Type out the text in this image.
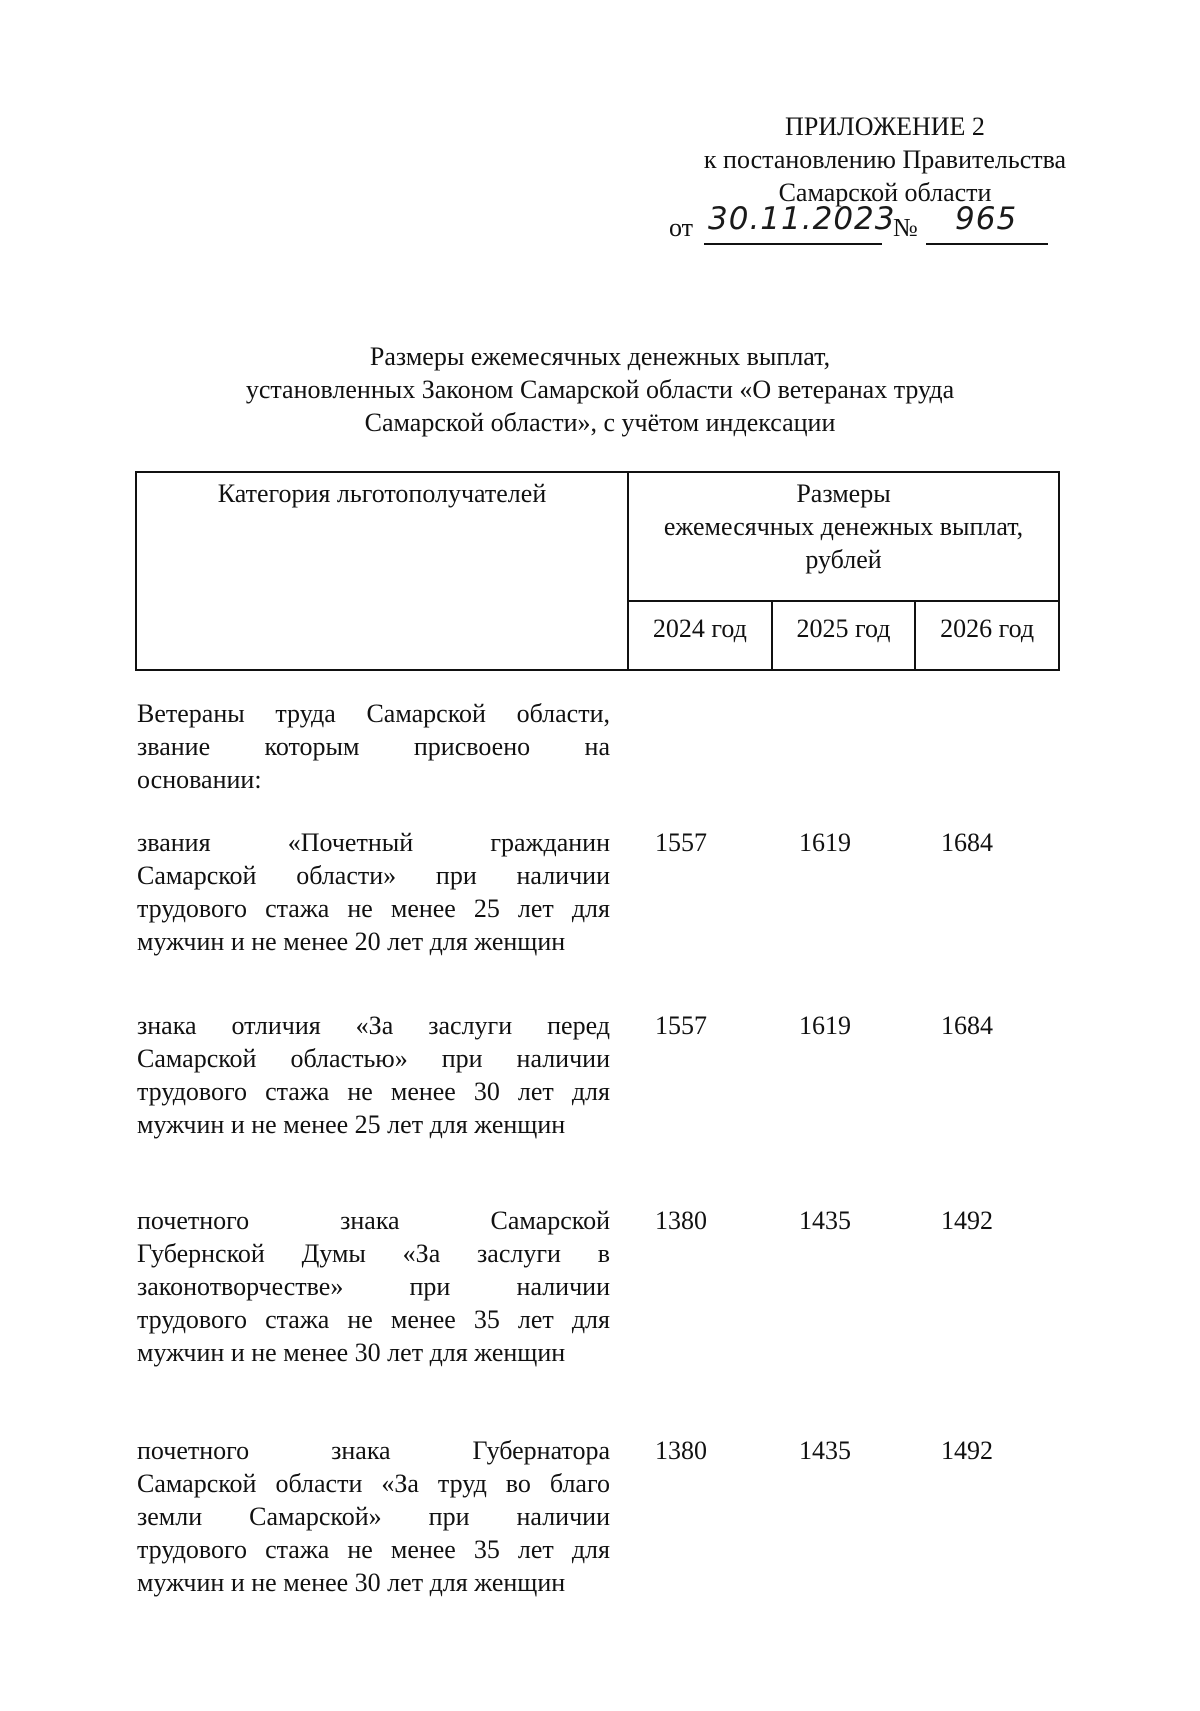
ПРИЛОЖЕНИЕ 2
к постановлению Правительства
Самарской области
от 30.11.2023
№ 965
Размеры ежемесячных денежных выплат,
установленных Законом Самарской области «О ветеранах труда
Самарской области», с учётом индексации
Категория льготополучателей	Размеры
ежемесячных денежных выплат,
рублей		

	2024 год	2025 год	2026 год
Ветераны труда Самарской области,
звание которым присвоено на
основании:
звания «Почетный гражданин
Самарской области» при наличии
трудового стажа не менее 25 лет для
мужчин и не менее 20 лет для женщин
1557	1619	1684
знака отличия «За заслуги перед
Самарской областью» при наличии
трудового стажа не менее 30 лет для
мужчин и не менее 25 лет для женщин
1557	1619	1684
почетного знака Самарской
Губернской Думы «За заслуги в
законотворчестве» при наличии
трудового стажа не менее 35 лет для
мужчин и не менее 30 лет для женщин
1380	1435	1492
почетного знака Губернатора
Самарской области «За труд во благо
земли Самарской» при наличии
трудового стажа не менее 35 лет для
мужчин и не менее 30 лет для женщин
1380	1435	1492
